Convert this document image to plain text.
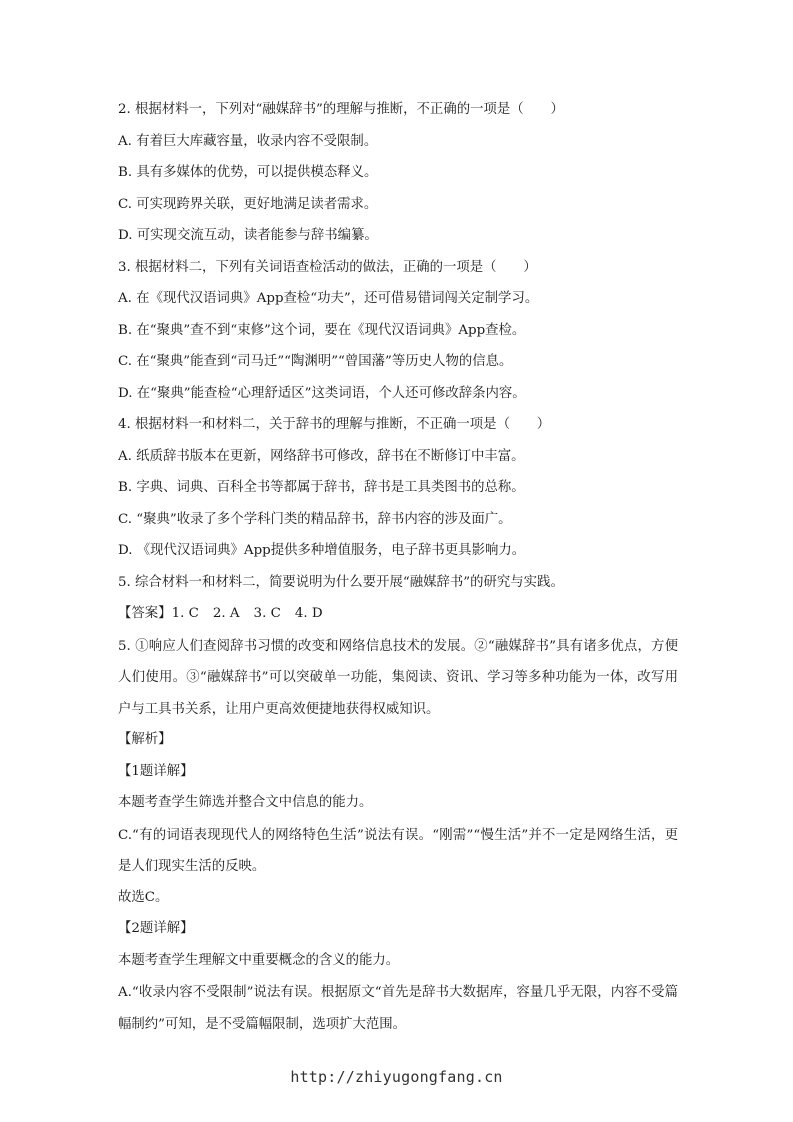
2. 根据材料一，下列对“融媒辞书”的理解与推断，不正确的一项是（　　）

A. 有着巨大库藏容量，收录内容不受限制。

B. 具有多媒体的优势，可以提供模态释义。

C. 可实现跨界关联，更好地满足读者需求。

D. 可实现交流互动，读者能参与辞书编纂。

3. 根据材料二，下列有关词语查检活动的做法，正确的一项是（　　）

A. 在《现代汉语词典》App查检“功夫”，还可借易错词闯关定制学习。

B. 在“聚典”查不到“束修”这个词，要在《现代汉语词典》App查检。

C. 在“聚典”能查到“司马迁”“陶渊明”“曾国藩”等历史人物的信息。

D. 在“聚典”能查检“心理舒适区”这类词语，个人还可修改辞条内容。

4. 根据材料一和材料二，关于辞书的理解与推断，不正确一项是（　　）

A. 纸质辞书版本在更新，网络辞书可修改，辞书在不断修订中丰富。

B. 字典、词典、百科全书等都属于辞书，辞书是工具类图书的总称。

C. “聚典”收录了多个学科门类的精品辞书，辞书内容的涉及面广。

D. 《现代汉语词典》App提供多种增值服务，电子辞书更具影响力。

5. 综合材料一和材料二，简要说明为什么要开展“融媒辞书”的研究与实践。

【答案】1. C 2. A 3. C 4. D

5. ①响应人们查阅辞书习惯的改变和网络信息技术的发展。②“融媒辞书”具有诸多优点，方便人们使用。③“融媒辞书”可以突破单一功能，集阅读、资讯、学习等多种功能为一体，改写用户与工具书关系，让用户更高效便捷地获得权威知识。

【解析】

【1题详解】

本题考查学生筛选并整合文中信息的能力。

C.“有的词语表现现代人的网络特色生活”说法有误。“刚需”“慢生活”并不一定是网络生活，更是人们现实生活的反映。

故选C。

【2题详解】

本题考查学生理解文中重要概念的含义的能力。

A.“收录内容不受限制”说法有误。根据原文“首先是辞书大数据库，容量几乎无限，内容不受篇幅制约”可知，是不受篇幅限制，选项扩大范围。

http://zhiyugongfang.cn
